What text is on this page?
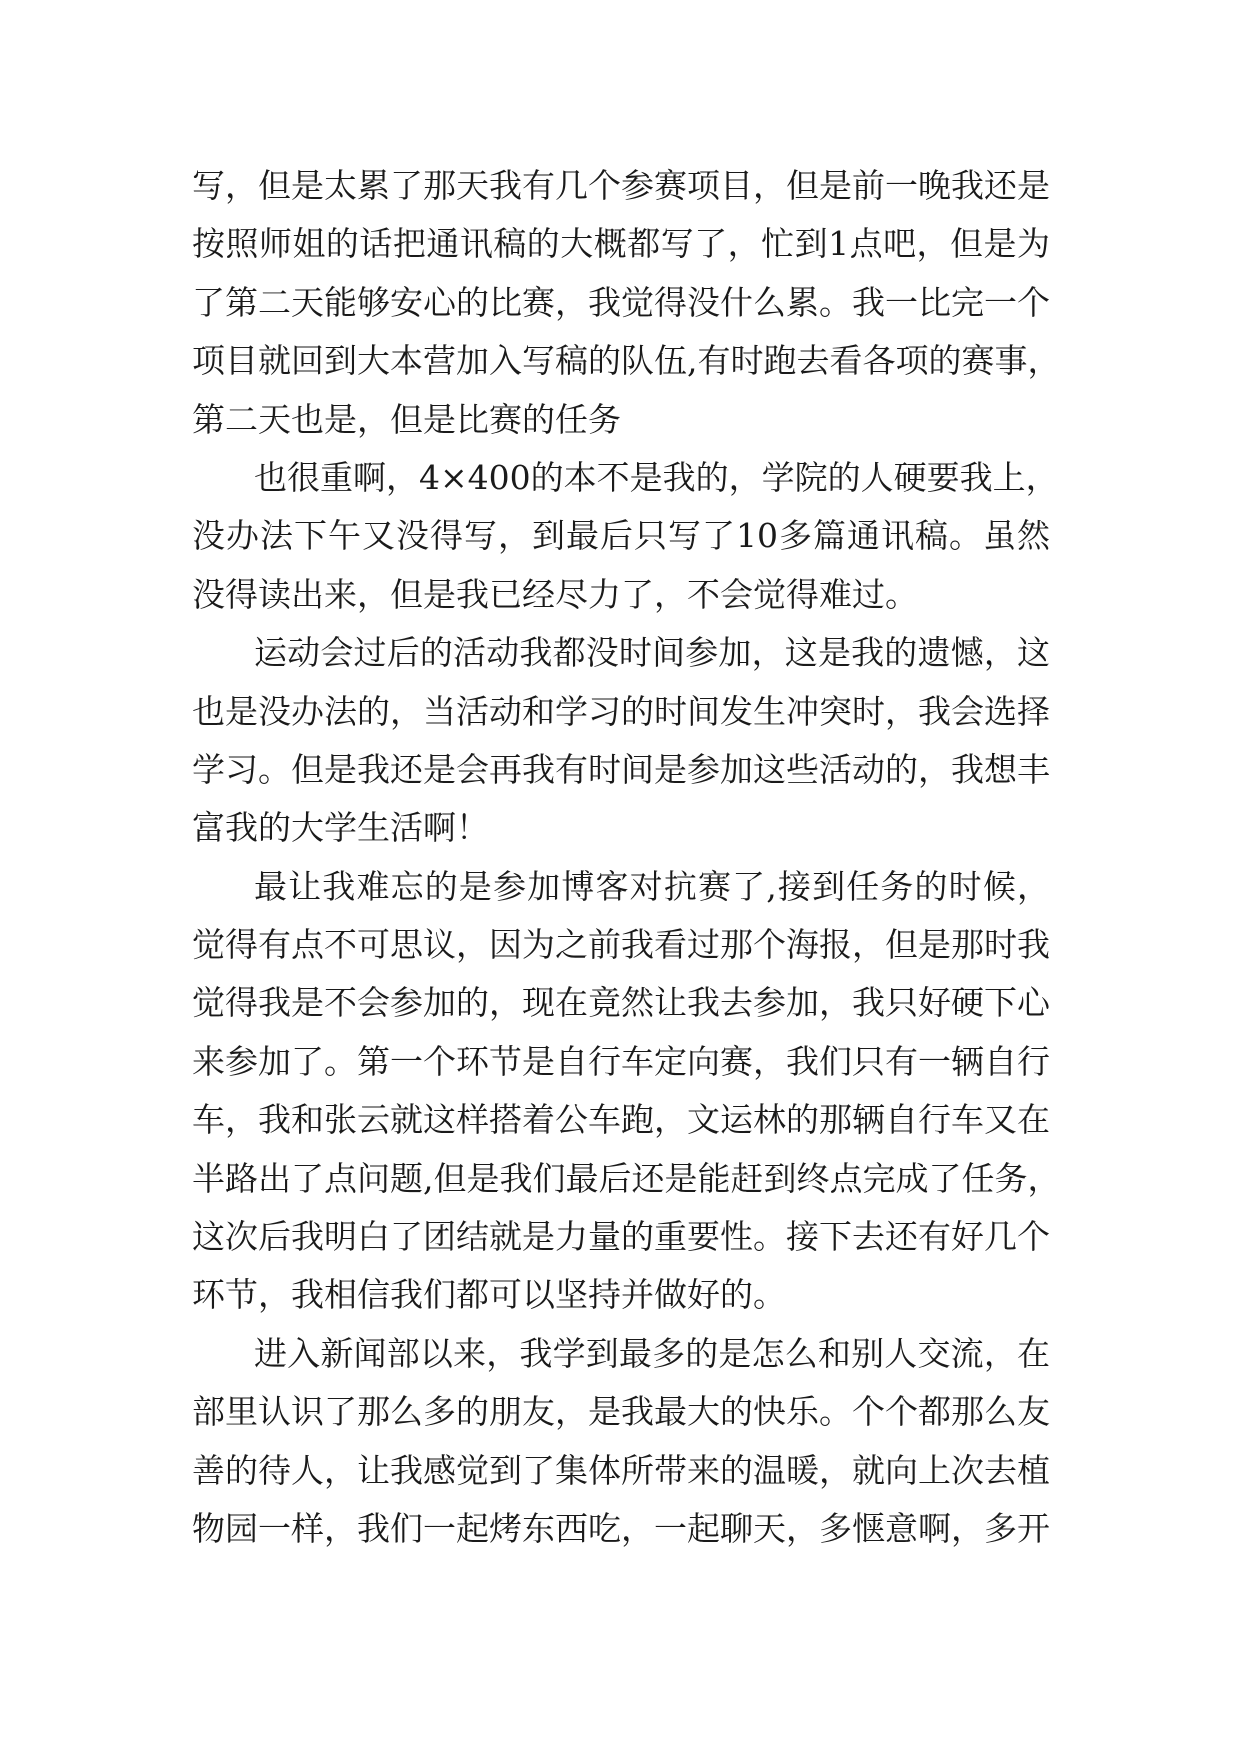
写，但是太累了那天我有几个参赛项目，但是前一晚我还是
按照师姐的话把通讯稿的大概都写了，忙到1点吧，但是为
了第二天能够安心的比赛，我觉得没什么累。我一比完一个
项目就回到大本营加入写稿的队伍,有时跑去看各项的赛事，
第二天也是，但是比赛的任务
也很重啊，4×400的本不是我的，学院的人硬要我上，
没办法下午又没得写，到最后只写了10多篇通讯稿。虽然
没得读出来，但是我已经尽力了，不会觉得难过。
运动会过后的活动我都没时间参加，这是我的遗憾，这
也是没办法的，当活动和学习的时间发生冲突时，我会选择
学习。但是我还是会再我有时间是参加这些活动的，我想丰
富我的大学生活啊！
最让我难忘的是参加博客对抗赛了,接到任务的时候，
觉得有点不可思议，因为之前我看过那个海报，但是那时我
觉得我是不会参加的，现在竟然让我去参加，我只好硬下心
来参加了。第一个环节是自行车定向赛，我们只有一辆自行
车，我和张云就这样搭着公车跑，文运林的那辆自行车又在
半路出了点问题,但是我们最后还是能赶到终点完成了任务，
这次后我明白了团结就是力量的重要性。接下去还有好几个
环节，我相信我们都可以坚持并做好的。
进入新闻部以来，我学到最多的是怎么和别人交流，在
部里认识了那么多的朋友，是我最大的快乐。个个都那么友
善的待人，让我感觉到了集体所带来的温暖，就向上次去植
物园一样，我们一起烤东西吃，一起聊天，多惬意啊，多开
